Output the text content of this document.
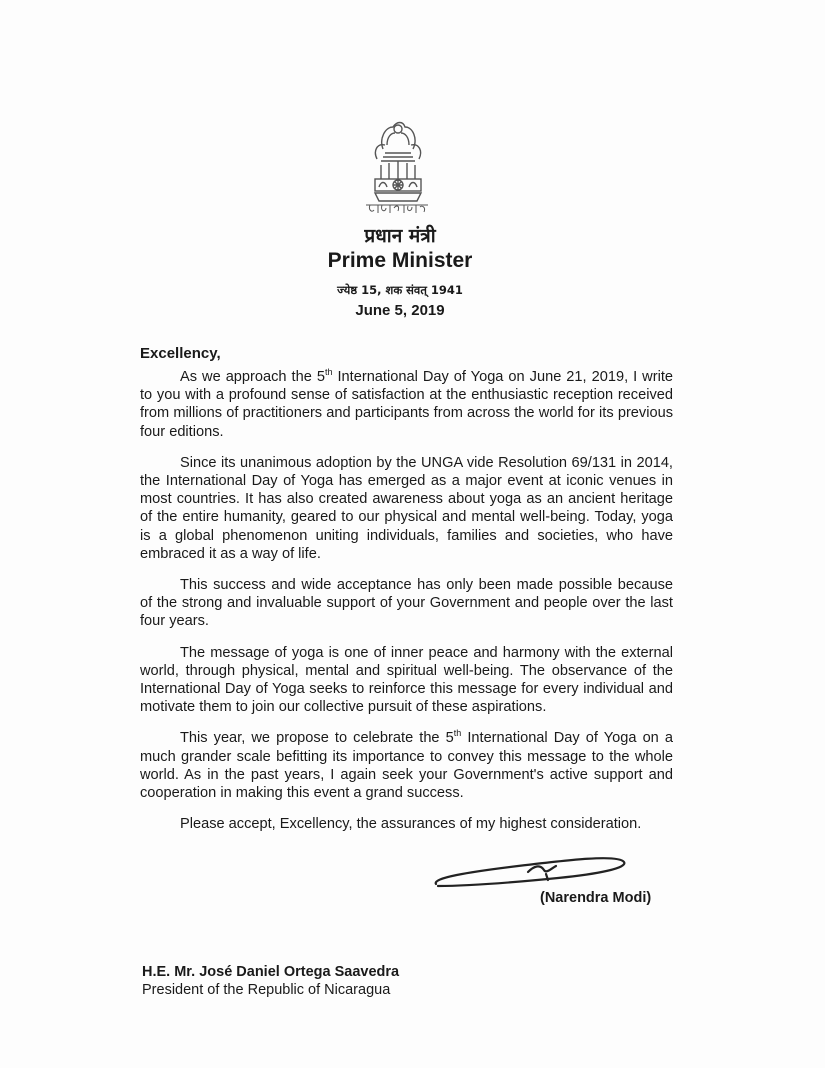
प्रधान मंत्री
Prime Minister
ज्येष्ठ 15, शक संवत् 1941
June 5, 2019
Excellency,

As we approach the 5th International Day of Yoga on June 21, 2019, I write to you with a profound sense of satisfaction at the enthusiastic reception received from millions of practitioners and participants from across the world for its previous four editions.

Since its unanimous adoption by the UNGA vide Resolution 69/131 in 2014, the International Day of Yoga has emerged as a major event at iconic venues in most countries. It has also created awareness about yoga as an ancient heritage of the entire humanity, geared to our physical and mental well-being. Today, yoga is a global phenomenon uniting individuals, families and societies, who have embraced it as a way of life.

This success and wide acceptance has only been made possible because of the strong and invaluable support of your Government and people over the last four years.

The message of yoga is one of inner peace and harmony with the external world, through physical, mental and spiritual well-being. The observance of the International Day of Yoga seeks to reinforce this message for every individual and motivate them to join our collective pursuit of these aspirations.

This year, we propose to celebrate the 5th International Day of Yoga on a much grander scale befitting its importance to convey this message to the whole world. As in the past years, I again seek your Government's active support and cooperation in making this event a grand success.

Please accept, Excellency, the assurances of my highest consideration.

(Narendra Modi)
H.E. Mr. José Daniel Ortega Saavedra
President of the Republic of Nicaragua
